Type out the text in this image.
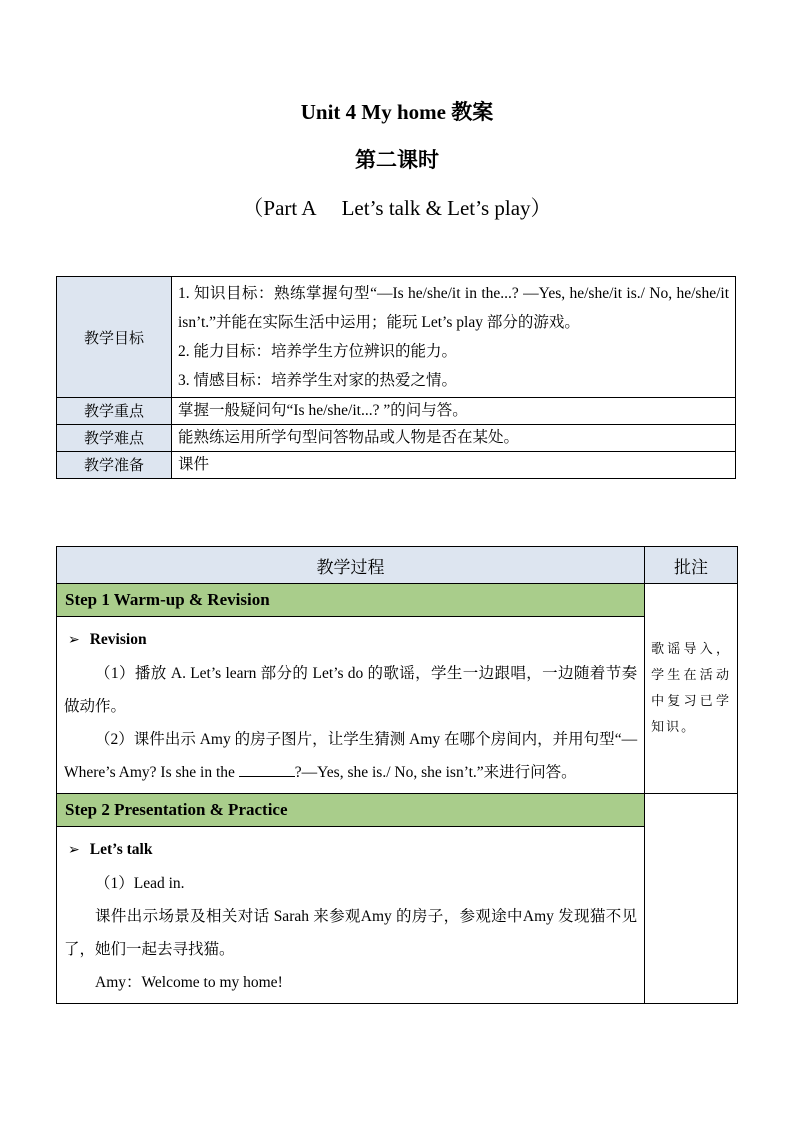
Unit 4 My home 教案
第二课时
（Part A　 Let’s talk & Let’s play）
教学目标	1. 知识目标：熟练掌握句型“—Is he/she/it in the...? —Yes, he/she/it is./ No, he/she/it isn’t.”并能在实际生活中运用；能玩 Let’s play 部分的游戏。
2. 能力目标：培养学生方位辨识的能力。
3. 情感目标：培养学生对家的热爱之情。

教学重点	掌握一般疑问句“Is he/she/it...? ”的问与答。
教学难点	能熟练运用所学句型问答物品或人物是否在某处。
教学准备	课件
教学过程	批注
Step 1 Warm-up & Revision	歌谣导入，学生在活动中复习已学知识。

➢ Revision

（1）播放 A. Let’s learn 部分的 Let’s do 的歌谣，学生一边跟唱，一边随着节奏做动作。

（2）课件出示 Amy 的房子图片，让学生猜测 Amy 在哪个房间内，并用句型“—Where’s Amy? Is she in the ?—Yes, she is./ No, she isn’t.”来进行问答。	

Step 2 Presentation & Practice	

➢ Let’s talk

（1）Lead in.

课件出示场景及相关对话 Sarah 来参观Amy 的房子，参观途中Amy 发现猫不见了，她们一起去寻找猫。

Amy：Welcome to my home!	
